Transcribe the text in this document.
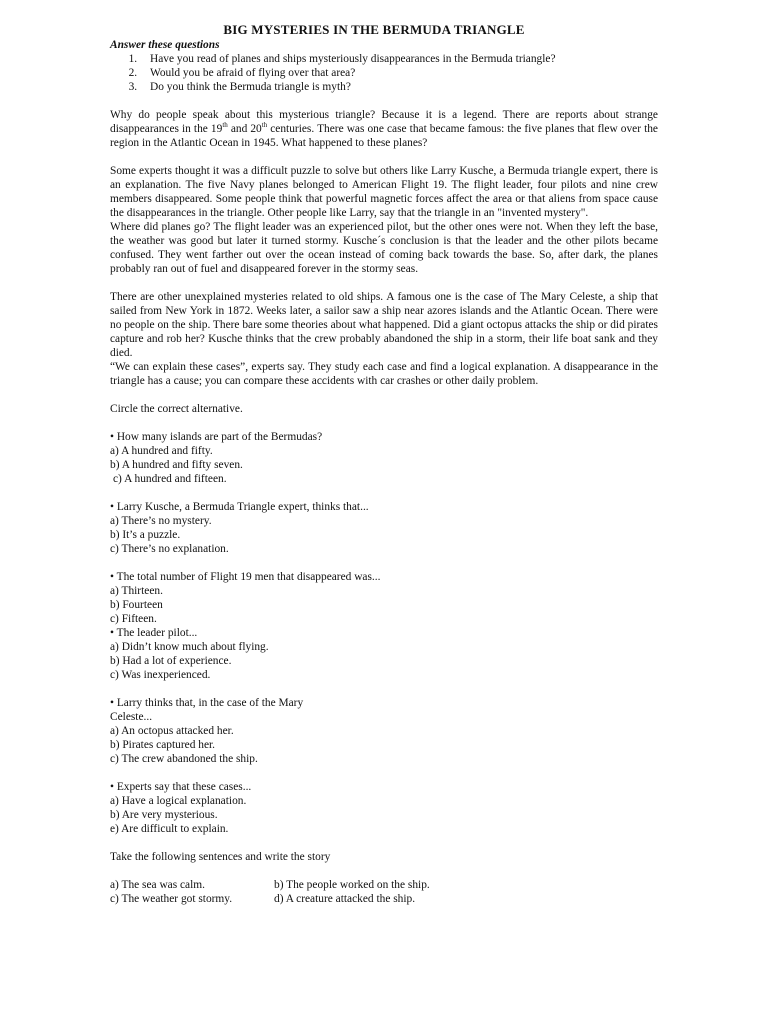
BIG MYSTERIES IN THE BERMUDA TRIANGLE

Answer these questions

1. Have you read of planes and ships mysteriously disappearances in the Bermuda triangle?
2. Would you be afraid of flying over that area?
3. Do you think the Bermuda triangle is myth?

Why do people speak about this mysterious triangle? Because it is a legend. There are reports about strange disappearances in the 19th and 20th centuries. There was one case that became famous: the five planes that flew over the region in the Atlantic Ocean in 1945. What happened to these planes?

Some experts thought it was a difficult puzzle to solve but others like Larry Kusche, a Bermuda triangle expert, there is an explanation. The five Navy planes belonged to American Flight 19. The flight leader, four pilots and nine crew members disappeared. Some people think that powerful magnetic forces affect the area or that aliens from space cause the disappearances in the triangle. Other people like Larry, say that the triangle in an "invented mystery".

Where did planes go? The flight leader was an experienced pilot, but the other ones were not. When they left the base, the weather was good but later it turned stormy. Kusche´s conclusion is that the leader and the other pilots became confused. They went farther out over the ocean instead of coming back towards the base. So, after dark, the planes probably ran out of fuel and disappeared forever in the stormy seas.

There are other unexplained mysteries related to old ships. A famous one is the case of The Mary Celeste, a ship that sailed from New York in 1872. Weeks later, a sailor saw a ship near azores islands and the Atlantic Ocean. There were no people on the ship. There bare some theories about what happened. Did a giant octopus attacks the ship or did pirates capture and rob her? Kusche thinks that the crew probably abandoned the ship in a storm, their life boat sank and they died.

“We can explain these cases”, experts say. They study each case and find a logical explanation. A disappearance in the triangle has a cause; you can compare these accidents with car crashes or other daily problem.

Circle the correct alternative.

• How many islands are part of the Bermudas?

a) A hundred and fifty.

b) A hundred and fifty seven.

c) A hundred and fifteen.

• Larry Kusche, a Bermuda Triangle expert, thinks that...

a) There’s no mystery.

b) It’s a puzzle.

c) There’s no explanation.

• The total number of Flight 19 men that disappeared was...

a) Thirteen.

b) Fourteen

c) Fifteen.

• The leader pilot...

a) Didn’t know much about flying.

b) Had a lot of experience.

c) Was inexperienced.

• Larry thinks that, in the case of the Mary

Celeste...

a) An octopus attacked her.

b) Pirates captured her.

c) The crew abandoned the ship.

• Experts say that these cases...

a) Have a logical explanation.

b) Are very mysterious.

e) Are difficult to explain.

Take the following sentences and write the story

a) The sea was calm.	b) The people worked on the ship.
c) The weather got stormy.	d) A creature attacked the ship.
